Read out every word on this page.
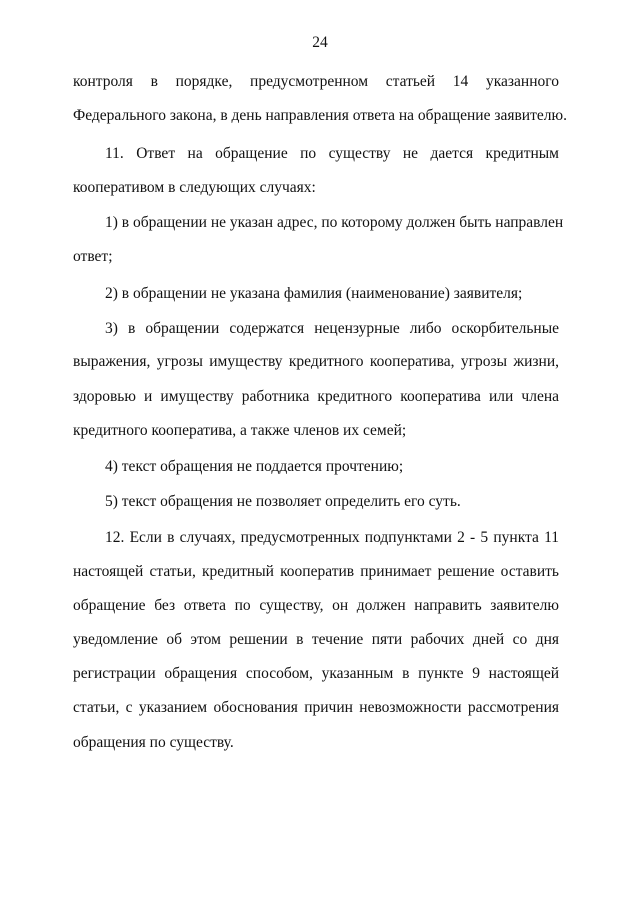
24
контроля в порядке, предусмотренном статьей 14 указанного
Федерального закона, в день направления ответа на обращение заявителю.
11. Ответ на обращение по существу не дается кредитным
кооперативом в следующих случаях:
1) в обращении не указан адрес, по которому должен быть направлен
ответ;
2) в обращении не указана фамилия (наименование) заявителя;
3) в обращении содержатся нецензурные либо оскорбительные
выражения, угрозы имуществу кредитного кооператива, угрозы жизни,
здоровью и имуществу работника кредитного кооператива или члена
кредитного кооператива, а также членов их семей;
4) текст обращения не поддается прочтению;
5) текст обращения не позволяет определить его суть.
12. Если в случаях, предусмотренных подпунктами 2 - 5 пункта 11
настоящей статьи, кредитный кооператив принимает решение оставить
обращение без ответа по существу, он должен направить заявителю
уведомление об этом решении в течение пяти рабочих дней со дня
регистрации обращения способом, указанным в пункте 9 настоящей
статьи, с указанием обоснования причин невозможности рассмотрения
обращения по существу.
